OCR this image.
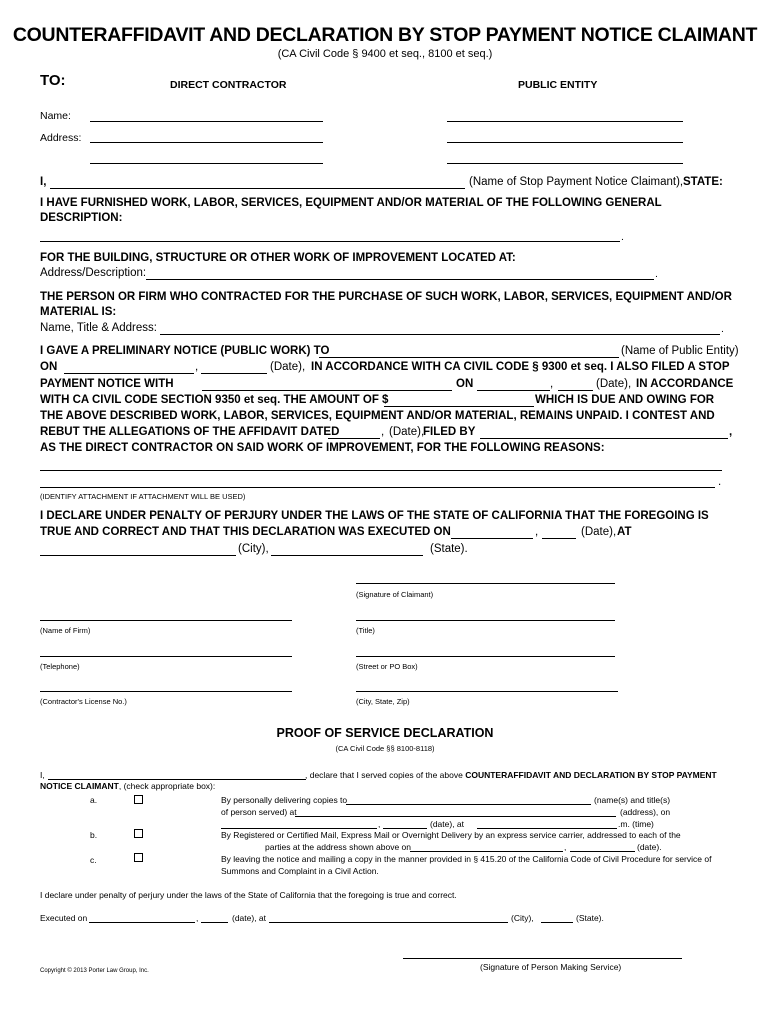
COUNTERAFFIDAVIT AND DECLARATION BY STOP PAYMENT NOTICE CLAIMANT
(CA Civil Code § 9400 et seq., 8100 et seq.)
TO:	DIRECT CONTRACTOR	PUBLIC ENTITY
Name:
Address:
I,	(Name of Stop Payment Notice Claimant), STATE:
I HAVE FURNISHED WORK, LABOR, SERVICES, EQUIPMENT AND/OR MATERIAL OF THE FOLLOWING GENERAL
DESCRIPTION:
.
FOR THE BUILDING, STRUCTURE OR OTHER WORK OF IMPROVEMENT LOCATED AT:
Address/Description:	.
THE PERSON OR FIRM WHO CONTRACTED FOR THE PURCHASE OF SUCH WORK, LABOR, SERVICES, EQUIPMENT AND/OR
MATERIAL IS:
Name, Title & Address:	.
I GAVE A PRELIMINARY NOTICE (PUBLIC WORK) TO	(Name of Public Entity)
ON	,	(Date), IN ACCORDANCE WITH CA CIVIL CODE § 9300 et seq. I ALSO FILED A STOP
PAYMENT NOTICE WITH	ON	,	(Date), IN ACCORDANCE
WITH CA CIVIL CODE SECTION 9350 et seq. THE AMOUNT OF $	WHICH IS DUE AND OWING FOR
THE ABOVE DESCRIBED WORK, LABOR, SERVICES, EQUIPMENT AND/OR MATERIAL, REMAINS UNPAID. I CONTEST AND
REBUT THE ALLEGATIONS OF THE AFFIDAVIT DATED	, (Date),
FILED BY	,
AS THE DIRECT CONTRACTOR ON SAID WORK OF IMPROVEMENT, FOR THE FOLLOWING REASONS:
.
(IDENTIFY ATTACHMENT IF ATTACHMENT WILL BE USED)
I DECLARE UNDER PENALTY OF PERJURY UNDER THE LAWS OF THE STATE OF CALIFORNIA THAT THE FOREGOING IS
TRUE AND CORRECT AND THAT THIS DECLARATION WAS EXECUTED ON	,	(Date), AT
(City),	(State).
(Signature of Claimant)
(Name of Firm)	(Title)
(Telephone)	(Street or PO Box)
(Contractor's License No.)	(City, State, Zip)
PROOF OF SERVICE DECLARATION
(CA Civil Code §§ 8100-8118)
I,	, declare that I served copies of the above COUNTERAFFIDAVIT AND DECLARATION BY STOP PAYMENT
NOTICE CLAIMANT, (check appropriate box):
a.	By personally delivering copies to	(name(s) and title(s)
of person served) at	(address), on
,	(date), at	.m. (time)
b.	By Registered or Certified Mail, Express Mail or Overnight Delivery by an express service carrier, addressed to each of the
parties at the address shown above on	,	(date).
c.	By leaving the notice and mailing a copy in the manner provided in § 415.20 of the California Code of Civil Procedure for service of
Summons and Complaint in a Civil Action.
I declare under penalty of perjury under the laws of the State of California that the foregoing is true and correct.
Executed on	,	(date), at	(City),	(State).
(Signature of Person Making Service)
Copyright © 2013 Porter Law Group, Inc.
